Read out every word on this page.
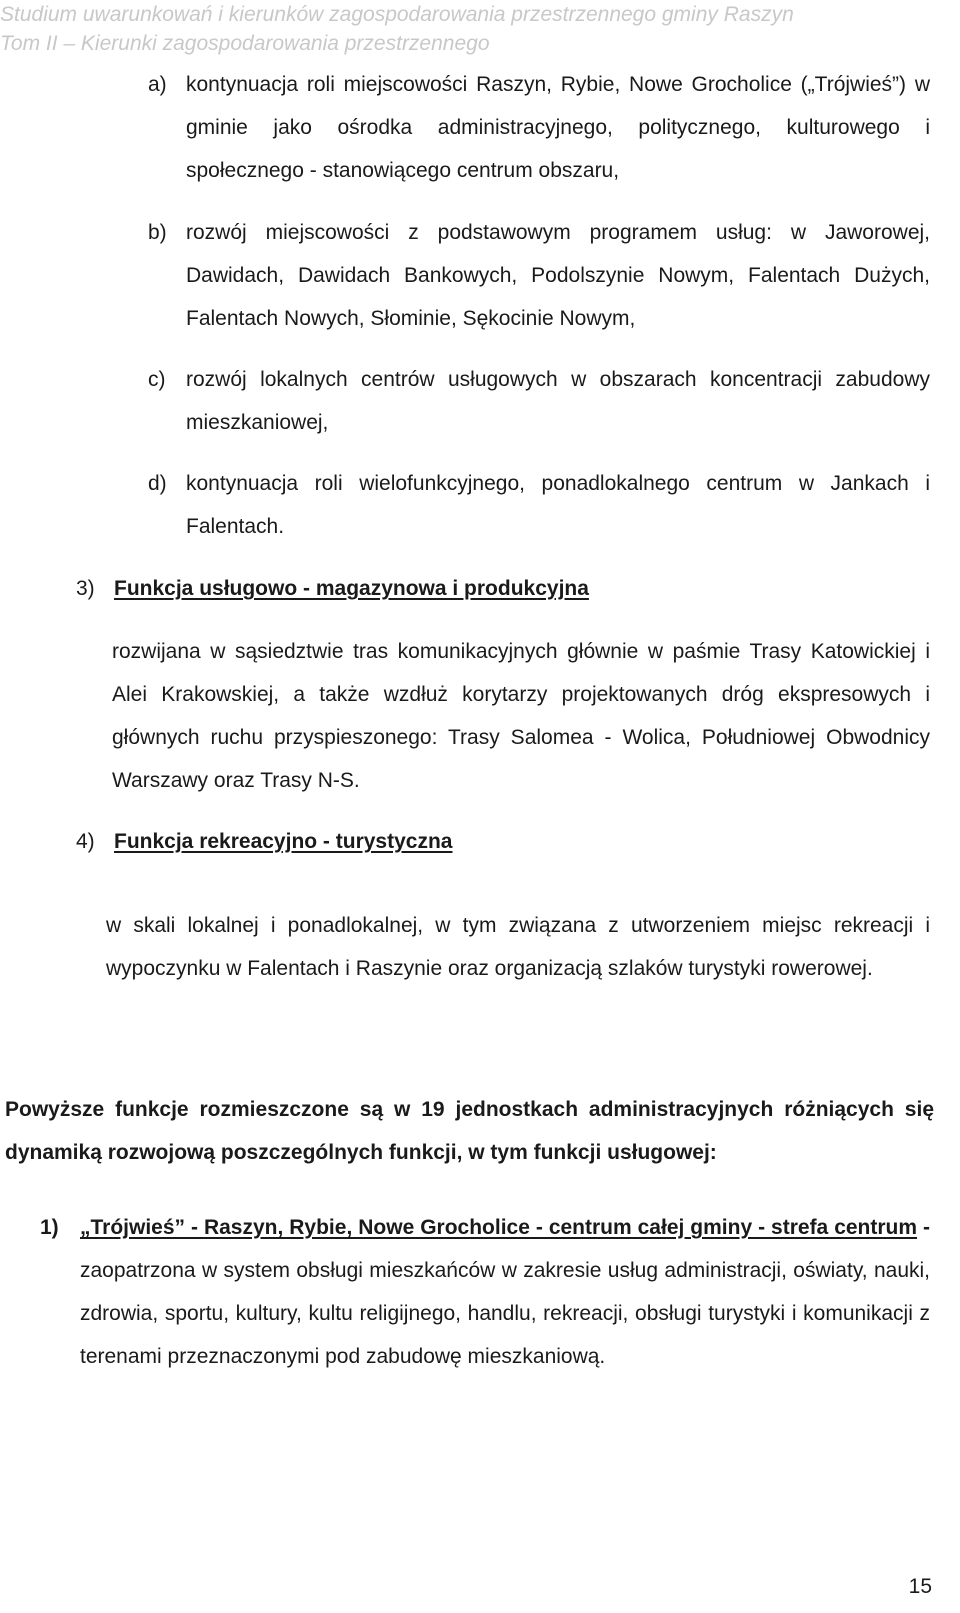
Studium uwarunkowań i kierunków zagospodarowania przestrzennego gminy Raszyn
Tom II – Kierunki zagospodarowania przestrzennego
a) kontynuacja roli miejscowości Raszyn, Rybie, Nowe Grocholice („Trójwieś”) w gminie jako ośrodka administracyjnego, politycznego, kulturowego i społecznego - stanowiącego centrum obszaru,
b) rozwój miejscowości z podstawowym programem usług: w Jaworowej, Dawidach, Dawidach Bankowych, Podolszynie Nowym, Falentach Dużych, Falentach Nowych, Słominie, Sękocinie Nowym,
c) rozwój lokalnych centrów usługowych w obszarach koncentracji zabudowy mieszkaniowej,
d) kontynuacja roli wielofunkcyjnego, ponadlokalnego centrum w Jankach i Falentach.
3) Funkcja usługowo - magazynowa i produkcyjna
rozwijana w sąsiedztwie tras komunikacyjnych głównie w paśmie Trasy Katowickiej i Alei Krakowskiej, a także wzdłuż korytarzy projektowanych dróg ekspresowych i głównych ruchu przyspieszonego: Trasy Salomea - Wolica, Południowej Obwodnicy Warszawy oraz Trasy N-S.
4) Funkcja rekreacyjno - turystyczna
w skali lokalnej i ponadlokalnej, w tym związana z utworzeniem miejsc rekreacji i wypoczynku w Falentach i Raszynie oraz organizacją szlaków turystyki rowerowej.
Powyższe funkcje rozmieszczone są w 19 jednostkach administracyjnych różniących się dynamiką rozwojową poszczególnych funkcji, w tym funkcji usługowej:
1) „Trójwieś” - Raszyn, Rybie, Nowe Grocholice - centrum całej gminy - strefa centrum - zaopatrzona w system obsługi mieszkańców w zakresie usług administracji, oświaty, nauki, zdrowia, sportu, kultury, kultu religijnego, handlu, rekreacji, obsługi turystyki i komunikacji z terenami przeznaczonymi pod zabudowę mieszkaniową.
15
